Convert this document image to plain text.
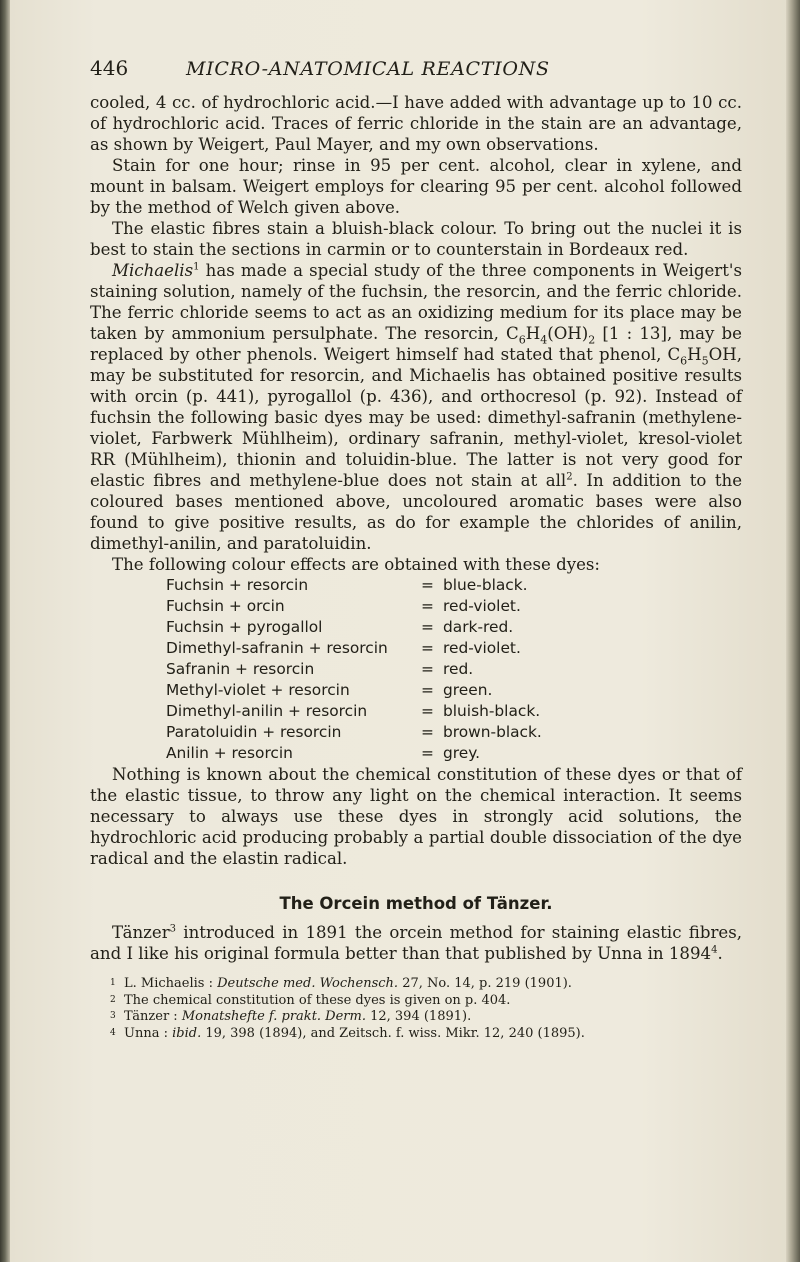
446	MICRO-ANATOMICAL REACTIONS

cooled, 4 cc. of hydrochloric acid.—I have added with advantage up to 10 cc. of hydrochloric acid. Traces of ferric chloride in the stain are an advantage, as shown by Weigert, Paul Mayer, and my own observations.

Stain for one hour; rinse in 95 per cent. alcohol, clear in xylene, and mount in balsam. Weigert employs for clearing 95 per cent. alcohol followed by the method of Welch given above.

The elastic fibres stain a bluish-black colour. To bring out the nuclei it is best to stain the sections in carmin or to counterstain in Bordeaux red.

Michaelis$^1$ has made a special study of the three components in Weigert's staining solution, namely of the fuchsin, the resorcin, and the ferric chloride. The ferric chloride seems to act as an oxidizing medium for its place may be taken by ammonium persulphate. The resorcin, $C_6H_4(OH)_2$ [1 : 13], may be replaced by other phenols. Weigert himself had stated that phenol, $C_6H_5OH$, may be substituted for resorcin, and Michaelis has obtained positive results with orcin (p. 441), pyrogallol (p. 436), and orthocresol (p. 92). Instead of fuchsin the following basic dyes may be used: dimethyl-safranin (methylene-violet, Farbwerk Mühlheim), ordinary safranin, methyl-violet, kresol-violet RR (Mühlheim), thionin and toluidin-blue. The latter is not very good for elastic fibres and methylene-blue does not stain at all$^2$. In addition to the coloured bases mentioned above, uncoloured aromatic bases were also found to give positive results, as do for example the chlorides of anilin, dimethyl-anilin, and paratoluidin.

The following colour effects are obtained with these dyes:

Fuchsin + resorcin	= blue-black.
Fuchsin + orcin	= red-violet.
Fuchsin + pyrogallol	= dark-red.
Dimethyl-safranin + resorcin	= red-violet.
Safranin + resorcin	= red.
Methyl-violet + resorcin	= green.
Dimethyl-anilin + resorcin	= bluish-black.
Paratoluidin + resorcin	= brown-black.
Anilin + resorcin	= grey.

Nothing is known about the chemical constitution of these dyes or that of the elastic tissue, to throw any light on the chemical interaction. It seems necessary to always use these dyes in strongly acid solutions, the hydrochloric acid producing probably a partial double dissociation of the dye radical and the elastin radical.

The Orcein method of Tänzer.

Tänzer$^3$ introduced in 1891 the orcein method for staining elastic fibres, and I like his original formula better than that published by Unna in 1894$^4$.

1 L. Michaelis : Deutsche med. Wochensch. 27, No. 14, p. 219 (1901).
2 The chemical constitution of these dyes is given on p. 404.
3 Tänzer : Monatshefte f. prakt. Derm. 12, 394 (1891).
4 Unna : ibid. 19, 398 (1894), and Zeitsch. f. wiss. Mikr. 12, 240 (1895).
